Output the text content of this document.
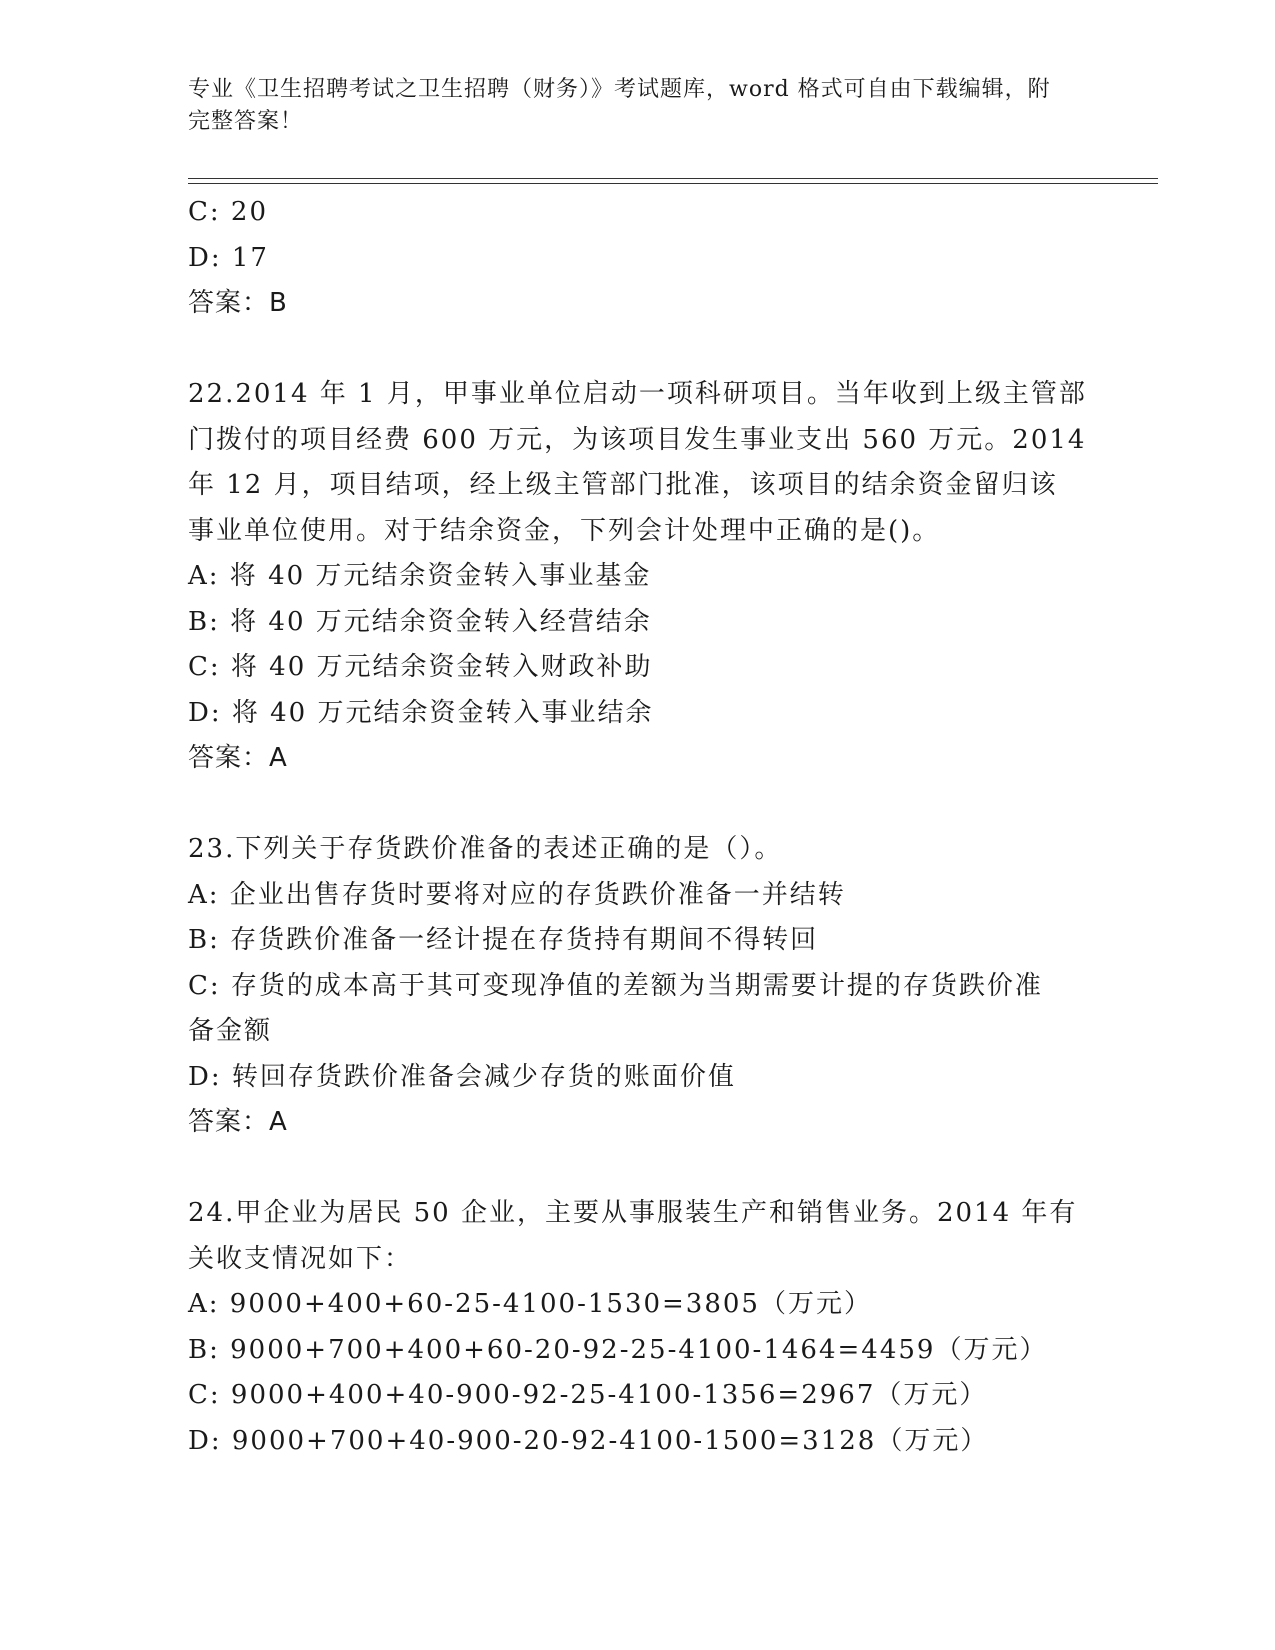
专业《卫生招聘考试之卫生招聘（财务）》考试题库，word 格式可自由下载编辑，附完整答案！

C: 20

D: 17

答案：B

22.2014 年 1 月，甲事业单位启动一项科研项目。当年收到上级主管部

门拨付的项目经费 600 万元，为该项目发生事业支出 560 万元。2014

年 12 月，项目结项，经上级主管部门批准，该项目的结余资金留归该

事业单位使用。对于结余资金，下列会计处理中正确的是()。

A: 将 40 万元结余资金转入事业基金

B: 将 40 万元结余资金转入经营结余

C: 将 40 万元结余资金转入财政补助

D: 将 40 万元结余资金转入事业结余

答案：A

23.下列关于存货跌价准备的表述正确的是（）。

A: 企业出售存货时要将对应的存货跌价准备一并结转

B: 存货跌价准备一经计提在存货持有期间不得转回

C: 存货的成本高于其可变现净值的差额为当期需要计提的存货跌价准

备金额

D: 转回存货跌价准备会减少存货的账面价值

答案：A

24.甲企业为居民 50 企业，主要从事服装生产和销售业务。2014 年有

关收支情况如下：

A: 9000+400+60-25-4100-1530=3805（万元）

B: 9000+700+400+60-20-92-25-4100-1464=4459（万元）

C: 9000+400+40-900-92-25-4100-1356=2967（万元）

D: 9000+700+40-900-20-92-4100-1500=3128（万元）
